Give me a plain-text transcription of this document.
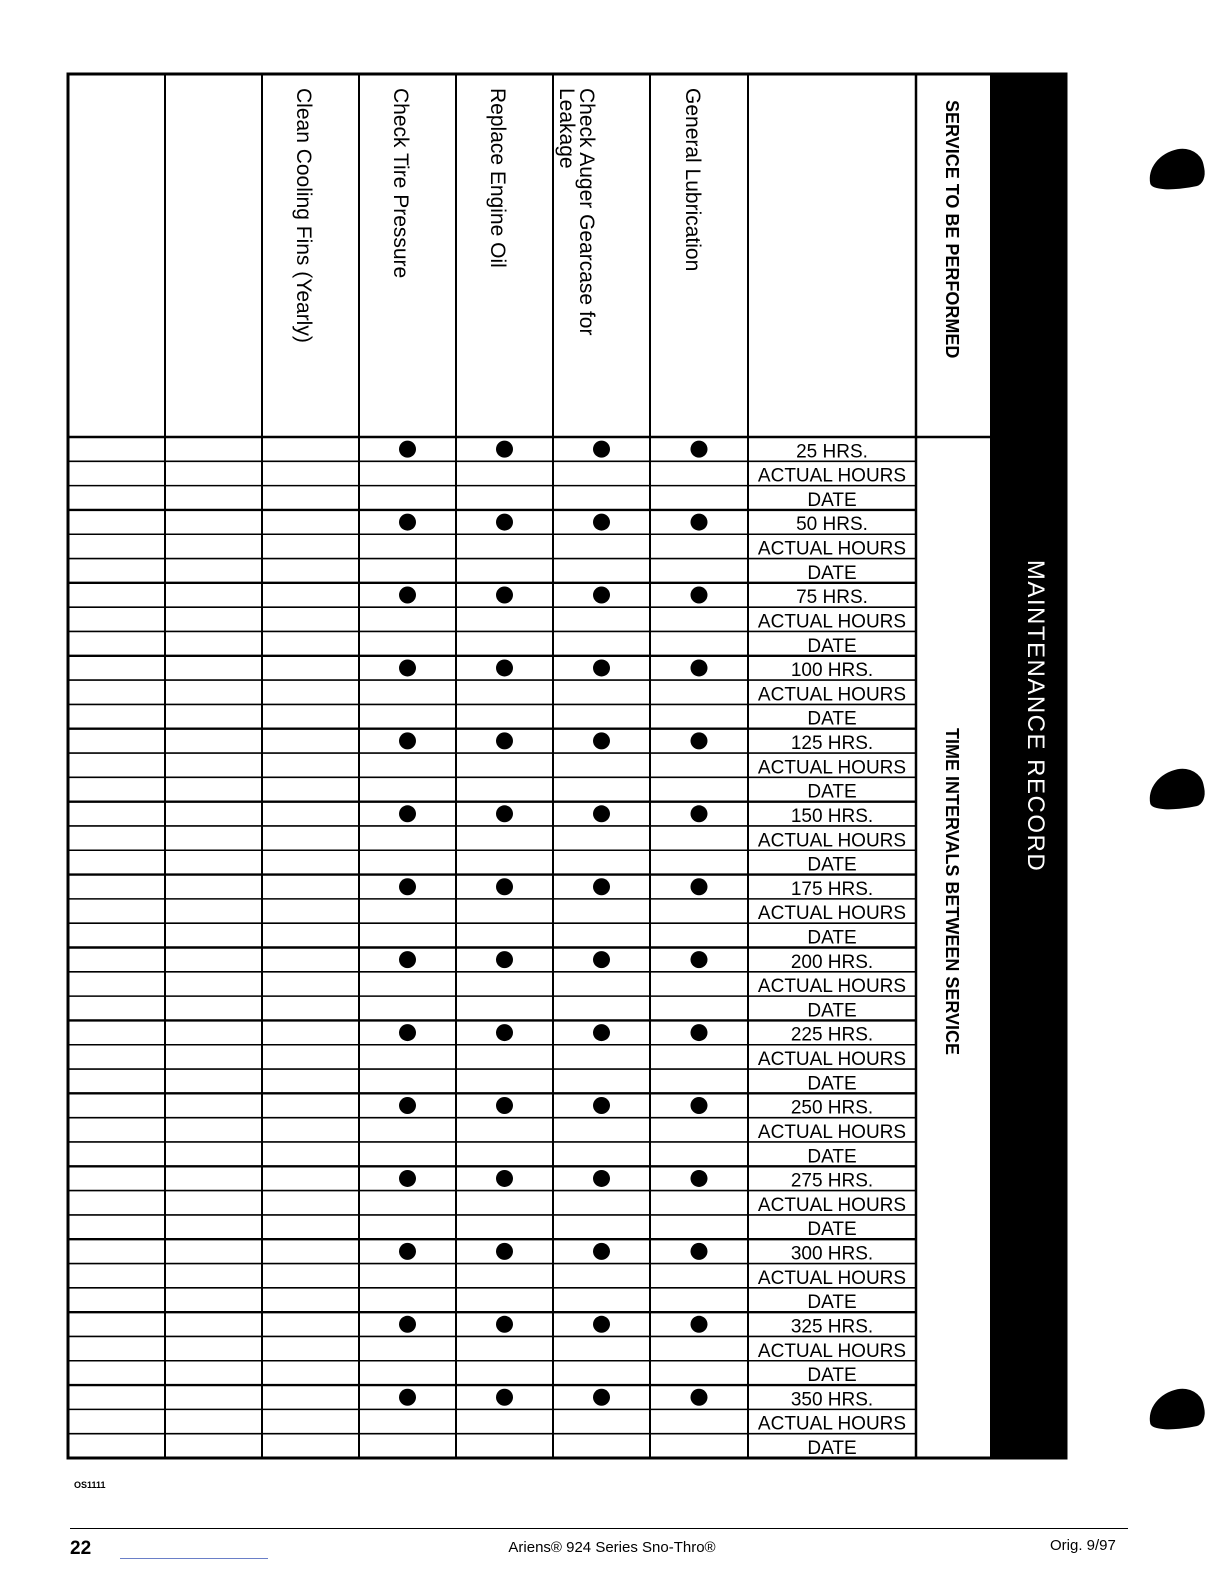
General Lubrication
Check Auger Gearcase forLeakage
Replace Engine Oil
Check Tire Pressure
Clean Cooling Fins (Yearly)
25 HRS.
ACTUAL HOURS
DATE
50 HRS.
ACTUAL HOURS
DATE
75 HRS.
ACTUAL HOURS
DATE
100 HRS.
ACTUAL HOURS
DATE
125 HRS.
ACTUAL HOURS
DATE
150 HRS.
ACTUAL HOURS
DATE
175 HRS.
ACTUAL HOURS
DATE
200 HRS.
ACTUAL HOURS
DATE
225 HRS.
ACTUAL HOURS
DATE
250 HRS.
ACTUAL HOURS
DATE
275 HRS.
ACTUAL HOURS
DATE
300 HRS.
ACTUAL HOURS
DATE
325 HRS.
ACTUAL HOURS
DATE
350 HRS.
ACTUAL HOURS
DATE
MAINTENANCE RECORD
SERVICE TO BE PERFORMED
TIME INTERVALS BETWEEN SERVICE
OS1111
22	Ariens® 924 Series Sno-Thro®	Orig. 9/97
